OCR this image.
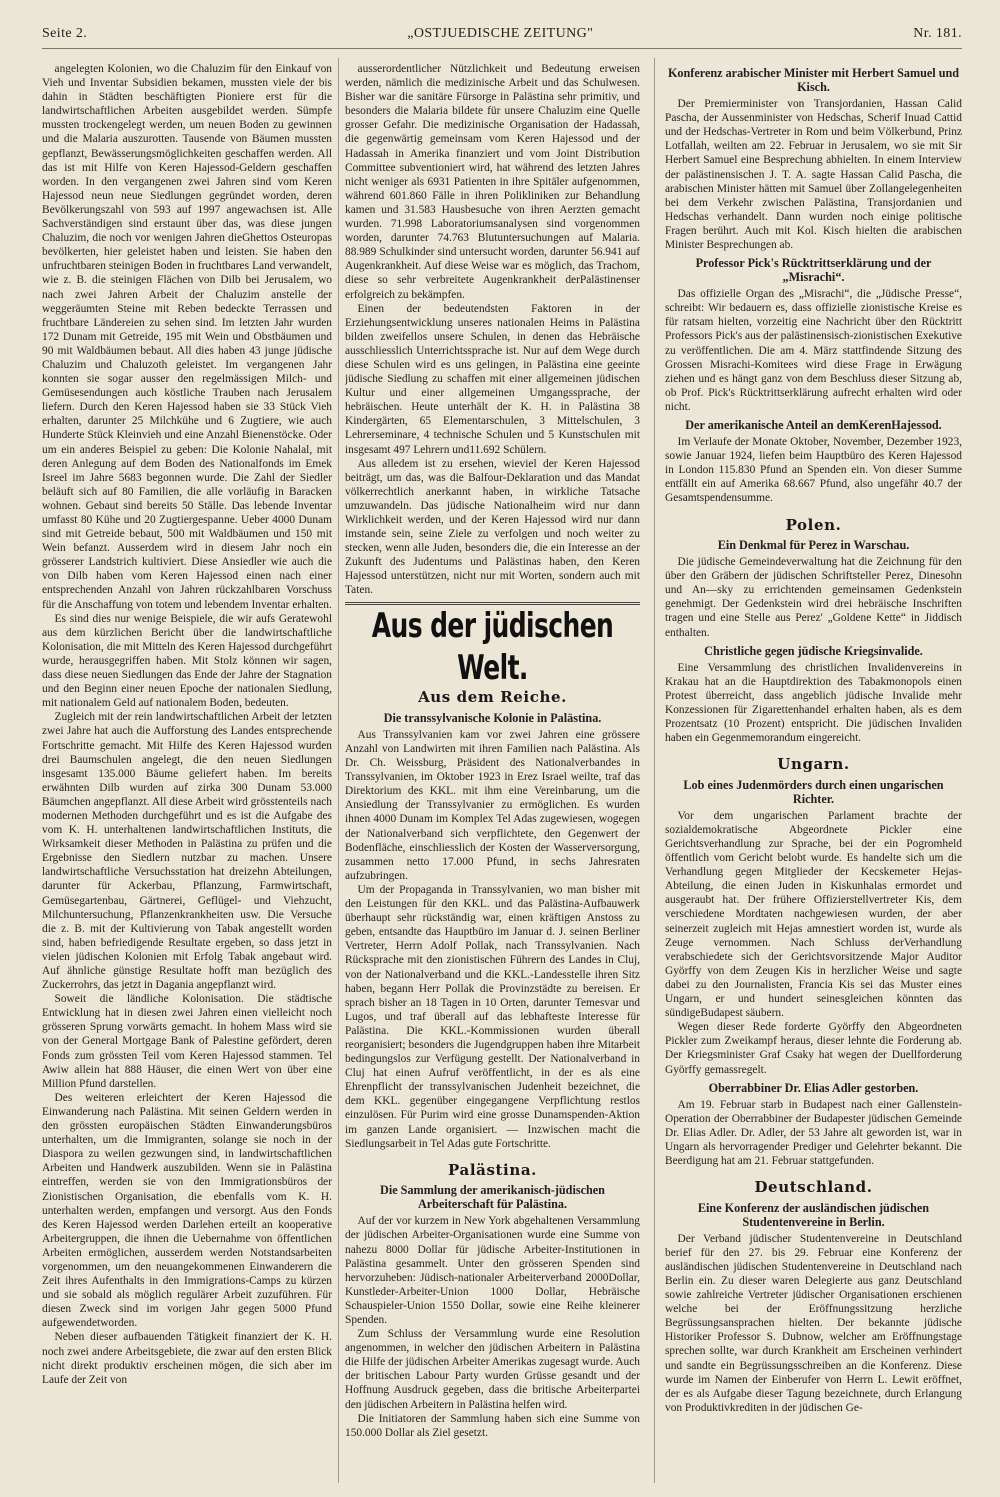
Seite 2.	„OSTJUEDISCHE ZEITUNG"	Nr. 181.

angelegten Kolonien, wo die Chaluzim für den Einkauf von Vieh und Inventar Subsidien bekamen, mussten viele der bis dahin in Städten beschäftigten Pioniere erst für die landwirtschaftlichen Arbeiten ausgebildet werden. Sümpfe mussten trockengelegt werden, um neuen Boden zu gewinnen und die Malaria auszurotten. Tausende von Bäumen mussten gepflanzt, Bewässerungsmöglichkeiten geschaffen werden. All das ist mit Hilfe von Keren Hajessod-Geldern geschaffen worden. In den vergangenen zwei Jahren sind vom Keren Hajessod neun neue Siedlungen gegründet worden, deren Bevölkerungszahl von 593 auf 1997 angewachsen ist. Alle Sachverständigen sind erstaunt über das, was diese jungen Chaluzim, die noch vor wenigen Jahren dieGhettos Osteuropas bevölkerten, hier geleistet haben und leisten. Sie haben den unfruchtbaren steinigen Boden in fruchtbares Land verwandelt, wie z. B. die steinigen Flächen von Dilb bei Jerusalem, wo nach zwei Jahren Arbeit der Chaluzim anstelle der weggeräumten Steine mit Reben bedeckte Terrassen und fruchtbare Ländereien zu sehen sind. Im letzten Jahr wurden 172 Dunam mit Getreide, 195 mit Wein und Obstbäumen und 90 mit Waldbäumen bebaut. All dies haben 43 junge jüdische Chaluzim und Chaluzoth geleistet. Im vergangenen Jahr konnten sie sogar ausser den regelmässigen Milch- und Gemüsesendungen auch köstliche Trauben nach Jerusalem liefern. Durch den Keren Hajessod haben sie 33 Stück Vieh erhalten, darunter 25 Milchkühe und 6 Zugtiere, wie auch Hunderte Stück Kleinvieh und eine Anzahl Bienenstöcke. Oder um ein anderes Beispiel zu geben: Die Kolonie Nahalal, mit deren Anlegung auf dem Boden des Nationalfonds im Emek Isreel im Jahre 5683 begonnen wurde. Die Zahl der Siedler beläuft sich auf 80 Familien, die alle vorläufig in Baracken wohnen. Gebaut sind bereits 50 Ställe. Das lebende Inventar umfasst 80 Kühe und 20 Zugtiergespanne. Ueber 4000 Dunam sind mit Getreide bebaut, 500 mit Waldbäumen und 150 mit Wein befanzt. Ausserdem wird in diesem Jahr noch ein grösserer Landstrich kultiviert. Diese Ansiedler wie auch die von Dilb haben vom Keren Hajessod einen nach einer entsprechenden Anzahl von Jahren rückzahlbaren Vorschuss für die Anschaffung von totem und lebendem Inventar erhalten.

Es sind dies nur wenige Beispiele, die wir aufs Geratewohl aus dem kürzlichen Bericht über die landwirtschaftliche Kolonisation, die mit Mitteln des Keren Hajessod durchgeführt wurde, herausgegriffen haben. Mit Stolz können wir sagen, dass diese neuen Siedlungen das Ende der Jahre der Stagnation und den Beginn einer neuen Epoche der nationalen Siedlung, mit nationalem Geld auf nationalem Boden, bedeuten.

Zugleich mit der rein landwirtschaftlichen Arbeit der letzten zwei Jahre hat auch die Aufforstung des Landes entsprechende Fortschritte gemacht. Mit Hilfe des Keren Hajessod wurden drei Baumschulen angelegt, die den neuen Siedlungen insgesamt 135.000 Bäume geliefert haben. Im bereits erwähnten Dilb wurden auf zirka 300 Dunam 53.000 Bäumchen angepflanzt. All diese Arbeit wird grösstenteils nach modernen Methoden durchgeführt und es ist die Aufgabe des vom K. H. unterhaltenen landwirtschaftlichen Instituts, die Wirksamkeit dieser Methoden in Palästina zu prüfen und die Ergebnisse den Siedlern nutzbar zu machen. Unsere landwirtschaftliche Versuchsstation hat dreizehn Abteilungen, darunter für Ackerbau, Pflanzung, Farmwirtschaft, Gemüsegartenbau, Gärtnerei, Geflügel- und Viehzucht, Milchuntersuchung, Pflanzenkrankheiten usw. Die Versuche die z. B. mit der Kultivierung von Tabak angestellt worden sind, haben befriedigende Resultate ergeben, so dass jetzt in vielen jüdischen Kolonien mit Erfolg Tabak angebaut wird. Auf ähnliche günstige Resultate hofft man bezüglich des Zuckerrohrs, das jetzt in Dagania angepflanzt wird.

Soweit die ländliche Kolonisation. Die städtische Entwicklung hat in diesen zwei Jahren einen vielleicht noch grösseren Sprung vorwärts gemacht. In hohem Mass wird sie von der General Mortgage Bank of Palestine gefördert, deren Fonds zum grössten Teil vom Keren Hajessod stammen. Tel Awiw allein hat 888 Häuser, die einen Wert von über eine Million Pfund darstellen.

Des weiteren erleichtert der Keren Hajessod die Einwanderung nach Palästina. Mit seinen Geldern werden in den grössten europäischen Städten Einwanderungsbüros unterhalten, um die Immigranten, solange sie noch in der Diaspora zu weilen gezwungen sind, in landwirtschaftlichen Arbeiten und Handwerk auszubilden. Wenn sie in Palästina eintreffen, werden sie von den Immigrationsbüros der Zionistischen Organisation, die ebenfalls vom K. H. unterhalten werden, empfangen und versorgt. Aus den Fonds des Keren Hajessod werden Darlehen erteilt an kooperative Arbeitergruppen, die ihnen die Uebernahme von öffentlichen Arbeiten ermöglichen, ausserdem werden Notstandsarbeiten vorgenommen, um den neuangekommenen Einwanderern die Zeit ihres Aufenthalts in den Immigrations-Camps zu kürzen und sie sobald als möglich regulärer Arbeit zuzuführen. Für diesen Zweck sind im vorigen Jahr gegen 5000 Pfund aufgewendetworden.

Neben dieser aufbauenden Tätigkeit finanziert der K. H. noch zwei andere Arbeitsgebiete, die zwar auf den ersten Blick nicht direkt produktiv erscheinen mögen, die sich aber im Laufe der Zeit von

ausserordentlicher Nützlichkeit und Bedeutung erweisen werden, nämlich die medizinische Arbeit und das Schulwesen. Bisher war die sanitäre Fürsorge in Palästina sehr primitiv, und besonders die Malaria bildete für unsere Chaluzim eine Quelle grosser Gefahr. Die medizinische Organisation der Hadassah, die gegenwärtig gemeinsam vom Keren Hajessod und der Hadassah in Amerika finanziert und vom Joint Distribution Committee subventioniert wird, hat während des letzten Jahres nicht weniger als 6931 Patienten in ihre Spitäler aufgenommen, während 601.860 Fälle in ihren Polikliniken zur Behandlung kamen und 31.583 Hausbesuche von ihren Aerzten gemacht wurden. 71.998 Laboratoriumsanalysen sind vorgenommen worden, darunter 74.763 Blutuntersuchungen auf Malaria. 88.989 Schulkinder sind untersucht worden, darunter 56.941 auf Augenkrankheit. Auf diese Weise war es möglich, das Trachom, diese so sehr verbreitete Augenkrankheit derPalästinenser erfolgreich zu bekämpfen.

Einen der bedeutendsten Faktoren in der Erziehungsentwicklung unseres nationalen Heims in Palästina bilden zweifellos unsere Schulen, in denen das Hebräische ausschliesslich Unterrichtssprache ist. Nur auf dem Wege durch diese Schulen wird es uns gelingen, in Palästina eine geeinte jüdische Siedlung zu schaffen mit einer allgemeinen jüdischen Kultur und einer allgemeinen Umgangssprache, der hebräischen. Heute unterhält der K. H. in Palästina 38 Kindergärten, 65 Elementarschulen, 3 Mittelschulen, 3 Lehrerseminare, 4 technische Schulen und 5 Kunstschulen mit insgesamt 497 Lehrern und11.692 Schülern.

Aus alledem ist zu ersehen, wieviel der Keren Hajessod beiträgt, um das, was die Balfour-Deklaration und das Mandat völkerrechtlich anerkannt haben, in wirkliche Tatsache umzuwandeln. Das jüdische Nationalheim wird nur dann Wirklichkeit werden, und der Keren Hajessod wird nur dann imstande sein, seine Ziele zu verfolgen und noch weiter zu stecken, wenn alle Juden, besonders die, die ein Interesse an der Zukunft des Judentums und Palästinas haben, den Keren Hajessod unterstützen, nicht nur mit Worten, sondern auch mit Taten.

Aus der jüdischen Welt.
Aus dem Reiche.
Die transsylvanische Kolonie in Palästina.

Aus Transsylvanien kam vor zwei Jahren eine grössere Anzahl von Landwirten mit ihren Familien nach Palästina. Als Dr. Ch. Weissburg, Präsident des Nationalverbandes in Transsylvanien, im Oktober 1923 in Erez Israel weilte, traf das Direktorium des KKL. mit ihm eine Vereinbarung, um die Ansiedlung der Transsylvanier zu ermöglichen. Es wurden ihnen 4000 Dunam im Komplex Tel Adas zugewiesen, wogegen der Nationalverband sich verpflichtete, den Gegenwert der Bodenfläche, einschliesslich der Kosten der Wasserversorgung, zusammen netto 17.000 Pfund, in sechs Jahresraten aufzubringen.

Um der Propaganda in Transsylvanien, wo man bisher mit den Leistungen für den KKL. und das Palästina-Aufbauwerk überhaupt sehr rückständig war, einen kräftigen Anstoss zu geben, entsandte das Hauptbüro im Januar d. J. seinen Berliner Vertreter, Herrn Adolf Pollak, nach Transsylvanien. Nach Rücksprache mit den zionistischen Führern des Landes in Cluj, von der Nationalverband und die KKL.-Landesstelle ihren Sitz haben, begann Herr Pollak die Provinzstädte zu bereisen. Er sprach bisher an 18 Tagen in 10 Orten, darunter Temesvar und Lugos, und traf überall auf das lebhafteste Interesse für Palästina. Die KKL.-Kommissionen wurden überall reorganisiert; besonders die Jugendgruppen haben ihre Mitarbeit bedingungslos zur Verfügung gestellt. Der Nationalverband in Cluj hat einen Aufruf veröffentlicht, in der es als eine Ehrenpflicht der transsylvanischen Judenheit bezeichnet, die dem KKL. gegenüber eingegangene Verpflichtung restlos einzulösen. Für Purim wird eine grosse Dunamspenden-Aktion im ganzen Lande organisiert. — Inzwischen macht die Siedlungsarbeit in Tel Adas gute Fortschritte.

Palästina.
Die Sammlung der amerikanisch-jüdischen Arbeiterschaft für Palästina.

Auf der vor kurzem in New York abgehaltenen Versammlung der jüdischen Arbeiter-Organisationen wurde eine Summe von nahezu 8000 Dollar für jüdische Arbeiter-Institutionen in Palästina gesammelt. Unter den grösseren Spenden sind hervorzuheben: Jüdisch-nationaler Arbeiterverband 2000Dollar, Kunstleder-Arbeiter-Union 1000 Dollar, Hebräische Schauspieler-Union 1550 Dollar, sowie eine Reihe kleinerer Spenden.

Zum Schluss der Versammlung wurde eine Resolution angenommen, in welcher den jüdischen Arbeitern in Palästina die Hilfe der jüdischen Arbeiter Amerikas zugesagt wurde. Auch der britischen Labour Party wurden Grüsse gesandt und der Hoffnung Ausdruck gegeben, dass die britische Arbeiterpartei den jüdischen Arbeitern in Palästina helfen wird.

Die Initiatoren der Sammlung haben sich eine Summe von 150.000 Dollar als Ziel gesetzt.

Konferenz arabischer Minister mit Herbert Samuel und Kisch.

Der Premierminister von Transjordanien, Hassan Calid Pascha, der Aussenminister von Hedschas, Scherif Inuad Cattid und der Hedschas-Vertreter in Rom und beim Völkerbund, Prinz Lotfallah, weilten am 22. Februar in Jerusalem, wo sie mit Sir Herbert Samuel eine Besprechung abhielten. In einem Interview der palästinensischen J. T. A. sagte Hassan Calid Pascha, die arabischen Minister hätten mit Samuel über Zollangelegenheiten bei dem Verkehr zwischen Palästina, Transjordanien und Hedschas verhandelt. Dann wurden noch einige politische Fragen berührt. Auch mit Kol. Kisch hielten die arabischen Minister Besprechungen ab.

Professor Pick's Rücktrittserklärung und der „Misrachi“.

Das offizielle Organ des „Misrachi“, die „Jüdische Presse“, schreibt: Wir bedauern es, dass offizielle zionistische Kreise es für ratsam hielten, vorzeitig eine Nachricht über den Rücktritt Professors Pick's aus der palästinensisch-zionistischen Exekutive zu veröffentlichen. Die am 4. März stattfindende Sitzung des Grossen Misrachi-Komitees wird diese Frage in Erwägung ziehen und es hängt ganz von dem Beschluss dieser Sitzung ab, ob Prof. Pick's Rücktrittserklärung aufrecht erhalten wird oder nicht.

Der amerikanische Anteil an demKerenHajessod.

Im Verlaufe der Monate Oktober, November, Dezember 1923, sowie Januar 1924, liefen beim Hauptbüro des Keren Hajessod in London 115.830 Pfund an Spenden ein. Von dieser Summe entfällt ein auf Amerika 68.667 Pfund, also ungefähr 40.7 der Gesamtspendensumme.

Polen.
Ein Denkmal für Perez in Warschau.

Die jüdische Gemeindeverwaltung hat die Zeichnung für den über den Gräbern der jüdischen Schriftsteller Perez, Dinesohn und An—sky zu errichtenden gemeinsamen Gedenkstein genehmigt. Der Gedenkstein wird drei hebräische Inschriften tragen und eine Stelle aus Perez' „Goldene Kette“ in Jiddisch enthalten.

Christliche gegen jüdische Kriegsinvalide.

Eine Versammlung des christlichen Invalidenvereins in Krakau hat an die Hauptdirektion des Tabakmonopols einen Protest überreicht, dass angeblich jüdische Invalide mehr Konzessionen für Zigarettenhandel erhalten haben, als es dem Prozentsatz (10 Prozent) entspricht. Die jüdischen Invaliden haben ein Gegenmemorandum eingereicht.

Ungarn.
Lob eines Judenmörders durch einen ungarischen Richter.

Vor dem ungarischen Parlament brachte der sozialdemokratische Abgeordnete Pickler eine Gerichtsverhandlung zur Sprache, bei der ein Pogromheld öffentlich vom Gericht belobt wurde. Es handelte sich um die Verhandlung gegen Mitglieder der Kecskemeter Hejas-Abteilung, die einen Juden in Kiskunhalas ermordet und ausgeraubt hat. Der frühere Offizierstellvertreter Kis, dem verschiedene Mordtaten nachgewiesen wurden, der aber seinerzeit zugleich mit Hejas amnestiert worden ist, wurde als Zeuge vernommen. Nach Schluss derVerhandlung verabschiedete sich der Gerichtsvorsitzende Major Auditor Györffy von dem Zeugen Kis in herzlicher Weise und sagte dabei zu den Journalisten, Francia Kis sei das Muster eines Ungarn, er und hundert seinesgleichen könnten das sündigeBudapest säubern.

Wegen dieser Rede forderte Györffy den Abgeordneten Pickler zum Zweikampf heraus, dieser lehnte die Forderung ab. Der Kriegsminister Graf Csaky hat wegen der Duellforderung Györffy gemassregelt.

Oberrabbiner Dr. Elias Adler gestorben.

Am 19. Februar starb in Budapest nach einer Gallenstein-Operation der Oberrabbiner der Budapester jüdischen Gemeinde Dr. Elias Adler. Dr. Adler, der 53 Jahre alt geworden ist, war in Ungarn als hervorragender Prediger und Gelehrter bekannt. Die Beerdigung hat am 21. Februar stattgefunden.

Deutschland.
Eine Konferenz der ausländischen jüdischen Studentenvereine in Berlin.

Der Verband jüdischer Studentenvereine in Deutschland berief für den 27. bis 29. Februar eine Konferenz der ausländischen jüdischen Studentenvereine in Deutschland nach Berlin ein. Zu dieser waren Delegierte aus ganz Deutschland sowie zahlreiche Vertreter jüdischer Organisationen erschienen welche bei der Eröffnungssitzung herzliche Begrüssungsansprachen hielten. Der bekannte jüdische Historiker Professor S. Dubnow, welcher am Eröffnungstage sprechen sollte, war durch Krankheit am Erscheinen verhindert und sandte ein Begrüssungsschreiben an die Konferenz. Diese wurde im Namen der Einberufer von Herrn L. Lewit eröffnet, der es als Aufgabe dieser Tagung bezeichnete, durch Erlangung von Produktivkrediten in der jüdischen Ge-
